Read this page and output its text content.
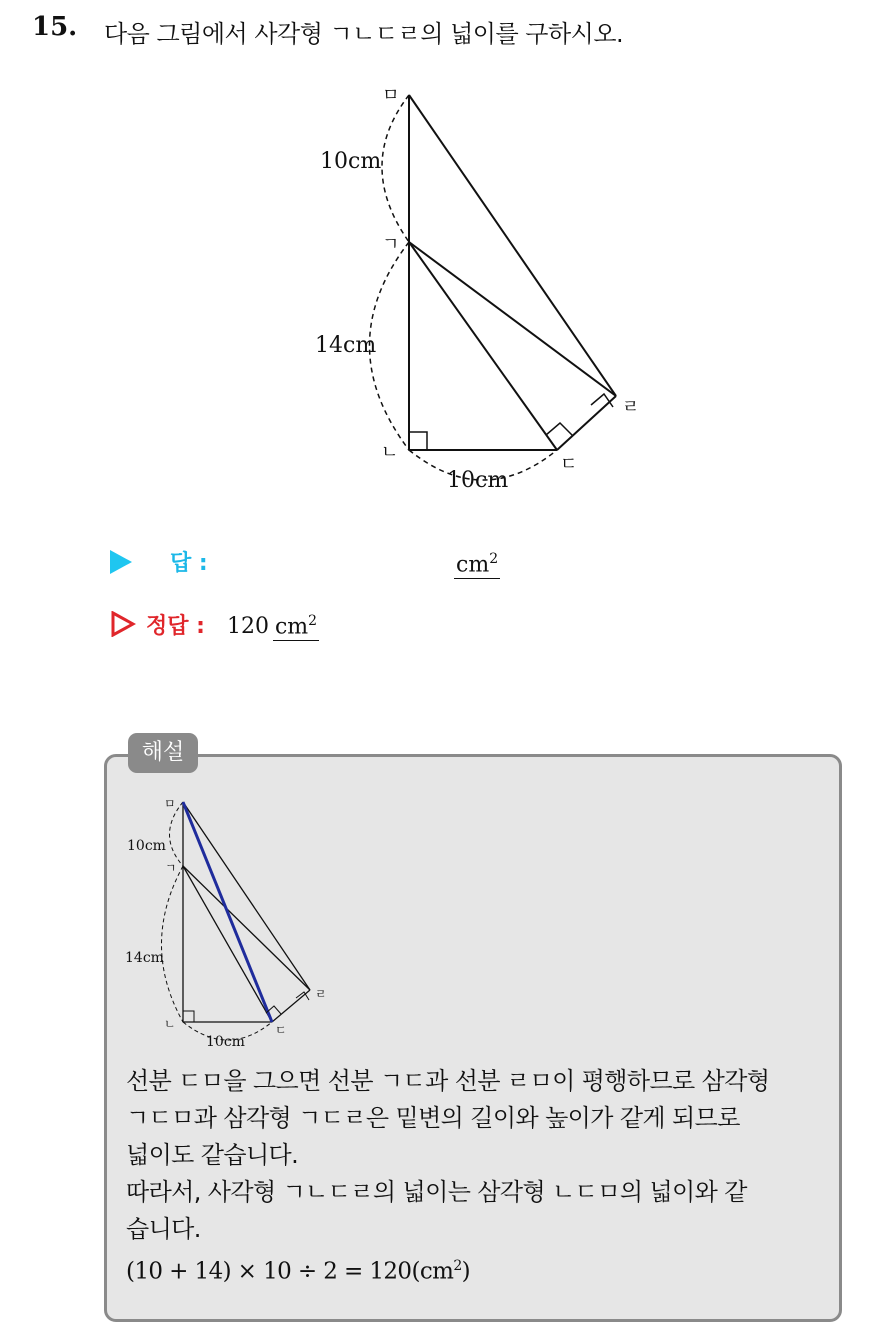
15. 다음 그림에서 사각형 ㄱㄴㄷㄹ의 넓이를 구하시오.
ㅁ
ㄱ
ㄴ
ㄷ
ㄹ
10cm
14cm
10cm
답 :	$cm^2$
정답 : 120 $cm^2$
해설
ㅁ
ㄱ
ㄴ	ㄷ
ㄹ
10cm
14cm
10cm
선분 ㄷㅁ을 그으면 선분 ㄱㄷ과 선분 ㄹㅁ이 평행하므로 삼각형
ㄱㄷㅁ과 삼각형 ㄱㄷㄹ은 밑변의 길이와 높이가 같게 되므로
넓이도 같습니다.
따라서, 사각형 ㄱㄴㄷㄹ의 넓이는 삼각형 ㄴㄷㅁ의 넓이와 같
습니다.
$(10 + 14) \times 10 \div 2 = 120(cm^2)$
